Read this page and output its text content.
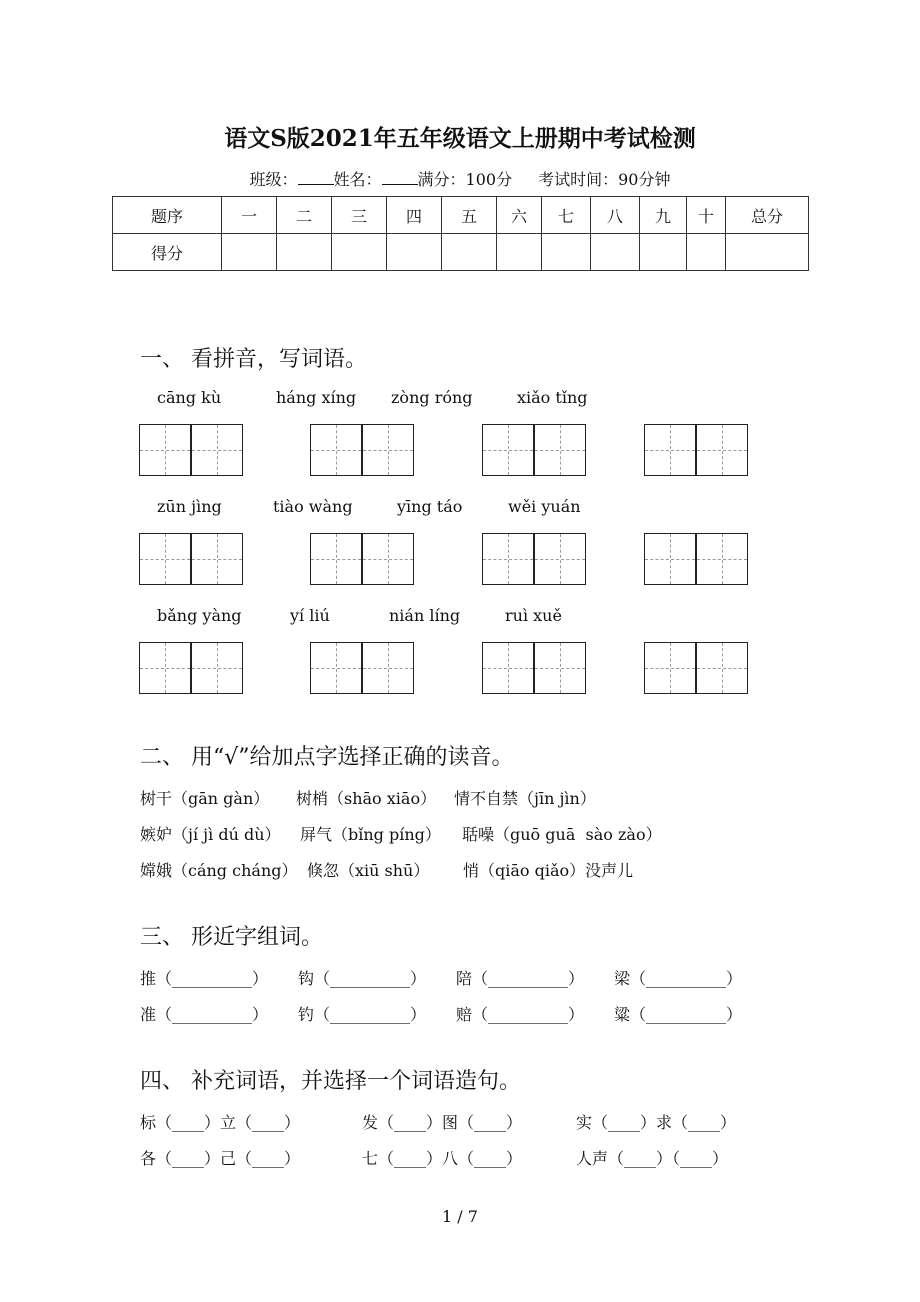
语文S版2021年五年级语文上册期中考试检测
班级： 姓名： 满分：100分 考试时间：90分钟
题序	一	二	三	四	五	六	七	八	九	十	总分
得分											
一、 看拼音，写词语。
cāng kù	háng xíng zòng róng	xiǎo tǐng
zūn jìng	tiào wàng	yīng táo	wěi yuán
bǎng yàng	yí liú	nián líng	ruì xuě
二、 用“√”给加点字选择正确的读音。
树干（gān gàn） 树梢（shāo xiāo） 情不自禁（jīn jìn）
嫉妒（jí jì dú dù） 屏气（bǐng píng） 聒噪（guō guā  sào zào）
嫦娥（cáng cháng） 倏忽（xiū shū） 悄（qiāo qiǎo）没声儿
三、 形近字组词。
推（__________） 钩（__________） 陪（__________） 梁（__________）
准（__________） 钓（__________） 赔（__________） 粱（__________）
四、 补充词语，并选择一个词语造句。
标（____）立（____）	发（____）图（____）	实（____）求（____）
各（____）己（____）	七（____）八（____）	人声（____）（____）
1 / 7
